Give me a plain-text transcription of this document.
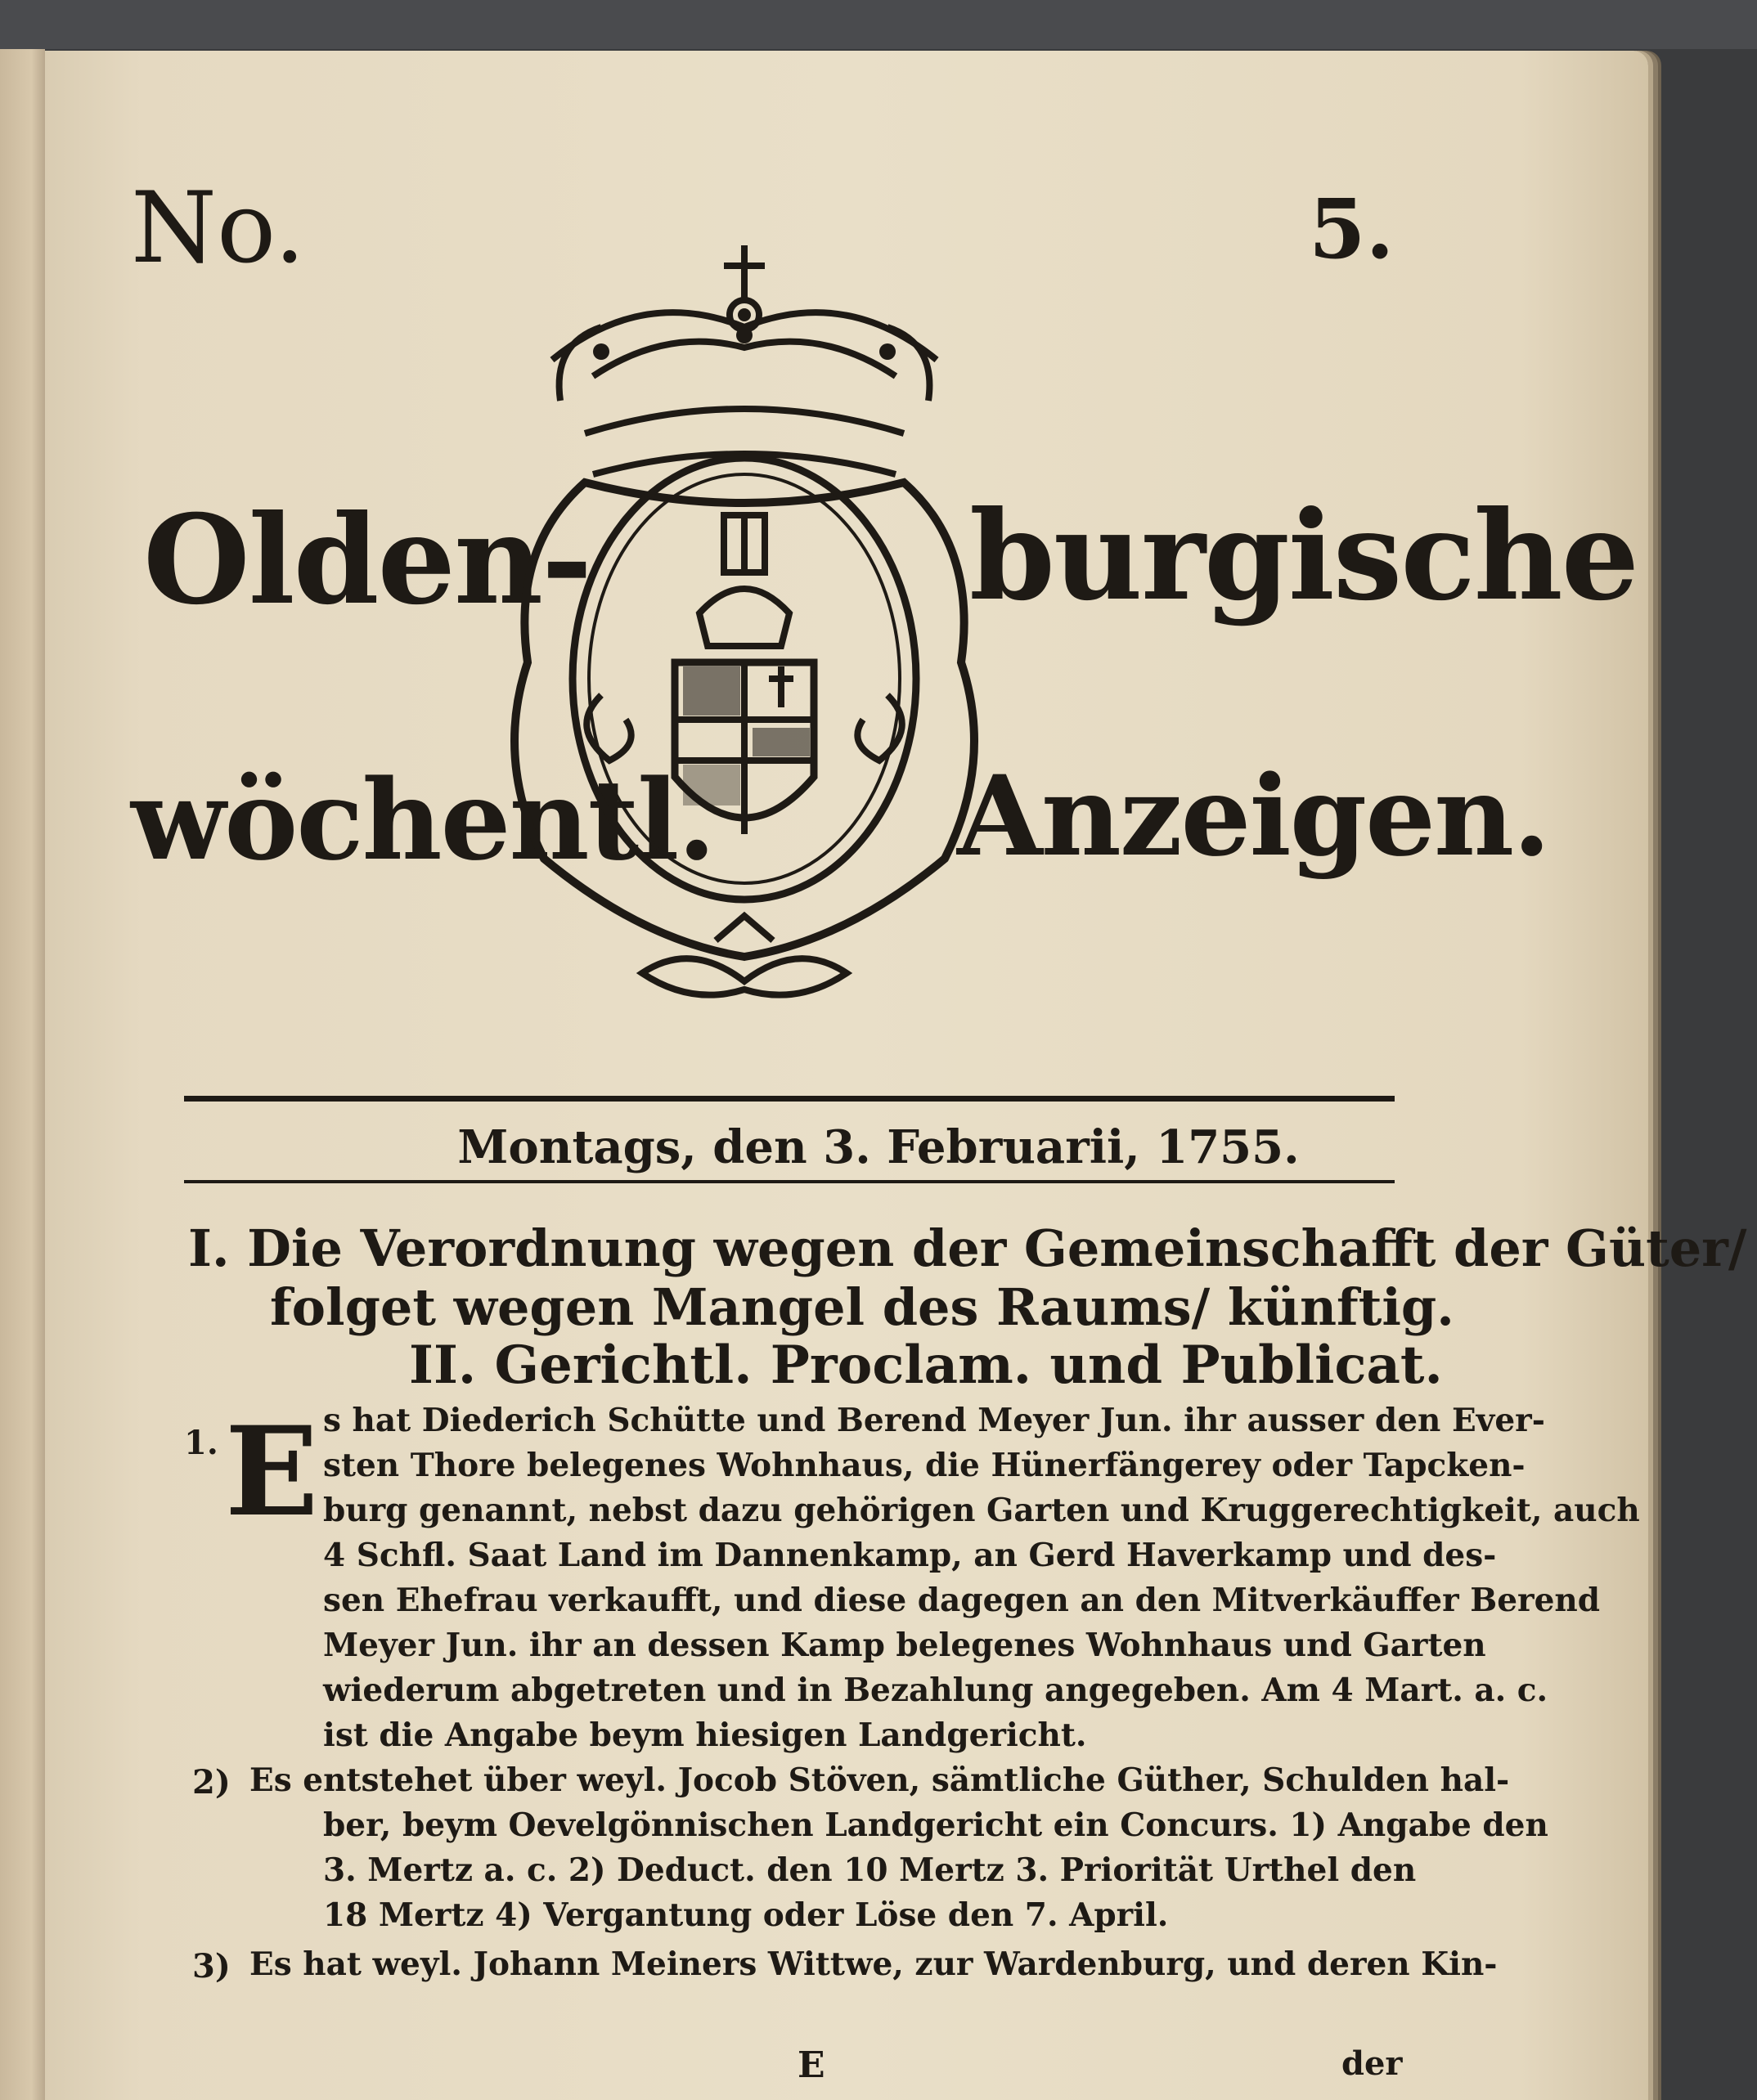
No.	5.
Olden-	burgische
wöchentl. Anzeigen.
Montags, den 3. Februarii, 1755.
I. Die Verordnung wegen der Gemeinschafft der Güter/
folget wegen Mangel des Raums/ künftig.
II. Gerichtl. Proclam. und Publicat.
1. E s hat Diederich Schütte und Berend Meyer Jun. ihr ausser den Ever-
sten Thore belegenes Wohnhaus, die Hünerfängerey oder Tapcken-
burg genannt, nebst dazu gehörigen Garten und Kruggerechtigkeit, auch
4 Schfl. Saat Land im Dannenkamp, an Gerd Haverkamp und des-
sen Ehefrau verkaufft, und diese dagegen an den Mitverkäuffer Berend
Meyer Jun. ihr an dessen Kamp belegenes Wohnhaus und Garten
wiederum abgetreten und in Bezahlung angegeben. Am 4 Mart. a. c.
ist die Angabe beym hiesigen Landgericht.
2) Es entstehet über weyl. Jocob Stöven, sämtliche Güther, Schulden hal-
ber, beym Oevelgönnischen Landgericht ein Concurs. 1) Angabe den
3. Mertz a. c. 2) Deduct. den 10 Mertz 3. Priorität Urthel den
18 Mertz 4) Vergantung oder Löse den 7. April.
3) Es hat weyl. Johann Meiners Wittwe, zur Wardenburg, und deren Kin-
E	der
